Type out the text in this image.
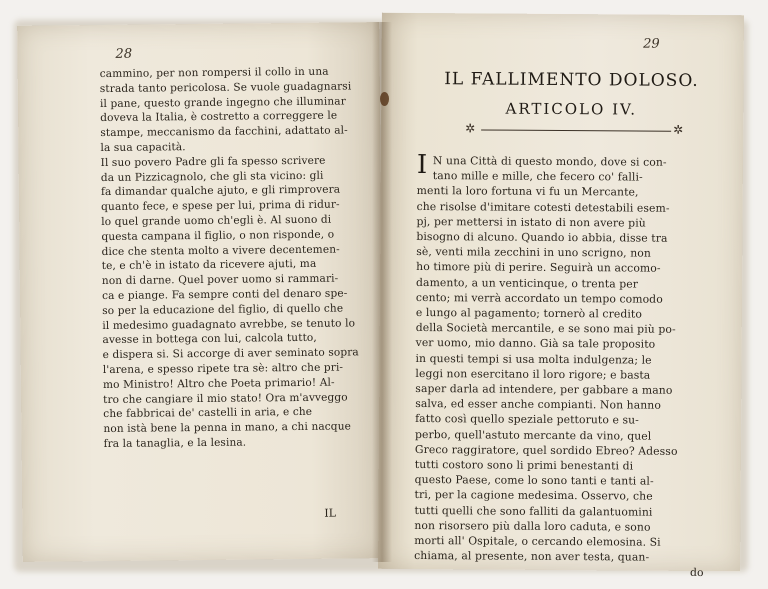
28
cammino, per non rompersi il collo in una
strada tanto pericolosa. Se vuole guadagnarsi
il pane, questo grande ingegno che illuminar
doveva la Italia, è costretto a correggere le
stampe, meccanismo da facchini, adattato al-
la sua capacità.
Il suo povero Padre gli fa spesso scrivere
da un Pizzicagnolo, che gli sta vicino: gli
fa dimandar qualche ajuto, e gli rimprovera
quanto fece, e spese per lui, prima di ridur-
lo quel grande uomo ch'egli è. Al suono di
questa campana il figlio, o non risponde, o
dice che stenta molto a vivere decentemen-
te, e ch'è in istato da ricevere ajuti, ma
non di darne. Quel pover uomo si rammari-
ca e piange. Fa sempre conti del denaro spe-
so per la educazione del figlio, di quello che
il medesimo guadagnato avrebbe, se tenuto lo
avesse in bottega con lui, calcola tutto,
e dispera si. Si accorge di aver seminato sopra
l'arena, e spesso ripete tra sè: altro che pri-
mo Ministro! Altro che Poeta primario! Al-
tro che cangiare il mio stato! Ora m'avveggo
che fabbricai de' castelli in aria, e che
non istà bene la penna in mano, a chi nacque
fra la tanaglia, e la lesina.
IL
29
IL FALLIMENTO DOLOSO.
ARTICOLO IV.
✲	✲
I N una Città di questo mondo, dove si con-
tano mille e mille, che fecero co' falli-
menti la loro fortuna vi fu un Mercante,
che risolse d'imitare cotesti detestabili esem-
pj, per mettersi in istato di non avere più
bisogno di alcuno. Quando io abbia, disse tra
sè, venti mila zecchini in uno scrigno, non
ho timore più di perire. Seguirà un accomo-
damento, a un venticinque, o trenta per
cento; mi verrà accordato un tempo comodo
e lungo al pagamento; tornerò al credito
della Società mercantile, e se sono mai più po-
ver uomo, mio danno. Già sa tale proposito
in questi tempi si usa molta indulgenza; le
leggi non esercitano il loro rigore; e basta
saper darla ad intendere, per gabbare a mano
salva, ed esser anche compianti. Non hanno
fatto così quello speziale pettoruto e su-
perbo, quell'astuto mercante da vino, quel
Greco raggiratore, quel sordido Ebreo? Adesso
tutti costoro sono li primi benestanti di
questo Paese, come lo sono tanti e tanti al-
tri, per la cagione medesima. Osservo, che
tutti quelli che sono falliti da galantuomini
non risorsero più dalla loro caduta, e sono
morti all' Ospitale, o cercando elemosina. Si
chiama, al presente, non aver testa, quan-
do
